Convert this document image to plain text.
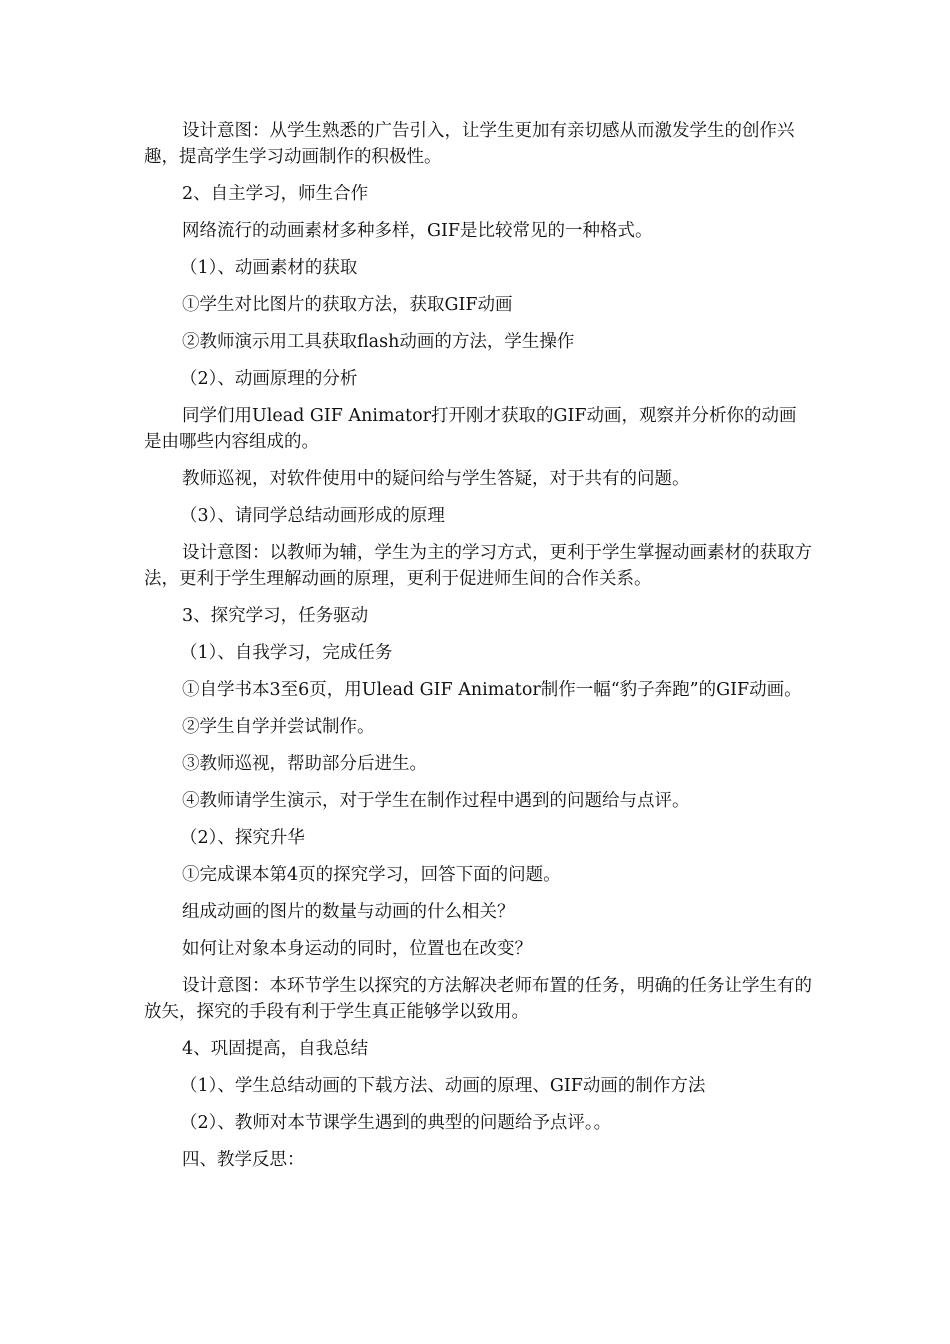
设计意图：从学生熟悉的广告引入，让学生更加有亲切感从而激发学生的创作兴趣，提高学生学习动画制作的积极性。

2、自主学习，师生合作

网络流行的动画素材多种多样，GIF是比较常见的一种格式。

（1）、动画素材的获取

①学生对比图片的获取方法，获取GIF动画

②教师演示用工具获取flash动画的方法，学生操作

（2）、动画原理的分析

同学们用Ulead GIF Animator打开刚才获取的GIF动画，观察并分析你的动画是由哪些内容组成的。

教师巡视，对软件使用中的疑问给与学生答疑，对于共有的问题。

（3）、请同学总结动画形成的原理

设计意图：以教师为辅，学生为主的学习方式，更利于学生掌握动画素材的获取方法，更利于学生理解动画的原理，更利于促进师生间的合作关系。

3、探究学习，任务驱动

（1）、自我学习，完成任务

①自学书本3至6页，用Ulead GIF Animator制作一幅“豹子奔跑”的GIF动画。

②学生自学并尝试制作。

③教师巡视，帮助部分后进生。

④教师请学生演示，对于学生在制作过程中遇到的问题给与点评。

（2）、探究升华

①完成课本第4页的探究学习，回答下面的问题。

组成动画的图片的数量与动画的什么相关？

如何让对象本身运动的同时，位置也在改变？

设计意图：本环节学生以探究的方法解决老师布置的任务，明确的任务让学生有的放矢，探究的手段有利于学生真正能够学以致用。

4、巩固提高，自我总结

（1）、学生总结动画的下载方法、动画的原理、GIF动画的制作方法

（2）、教师对本节课学生遇到的典型的问题给予点评。。

四、教学反思：
